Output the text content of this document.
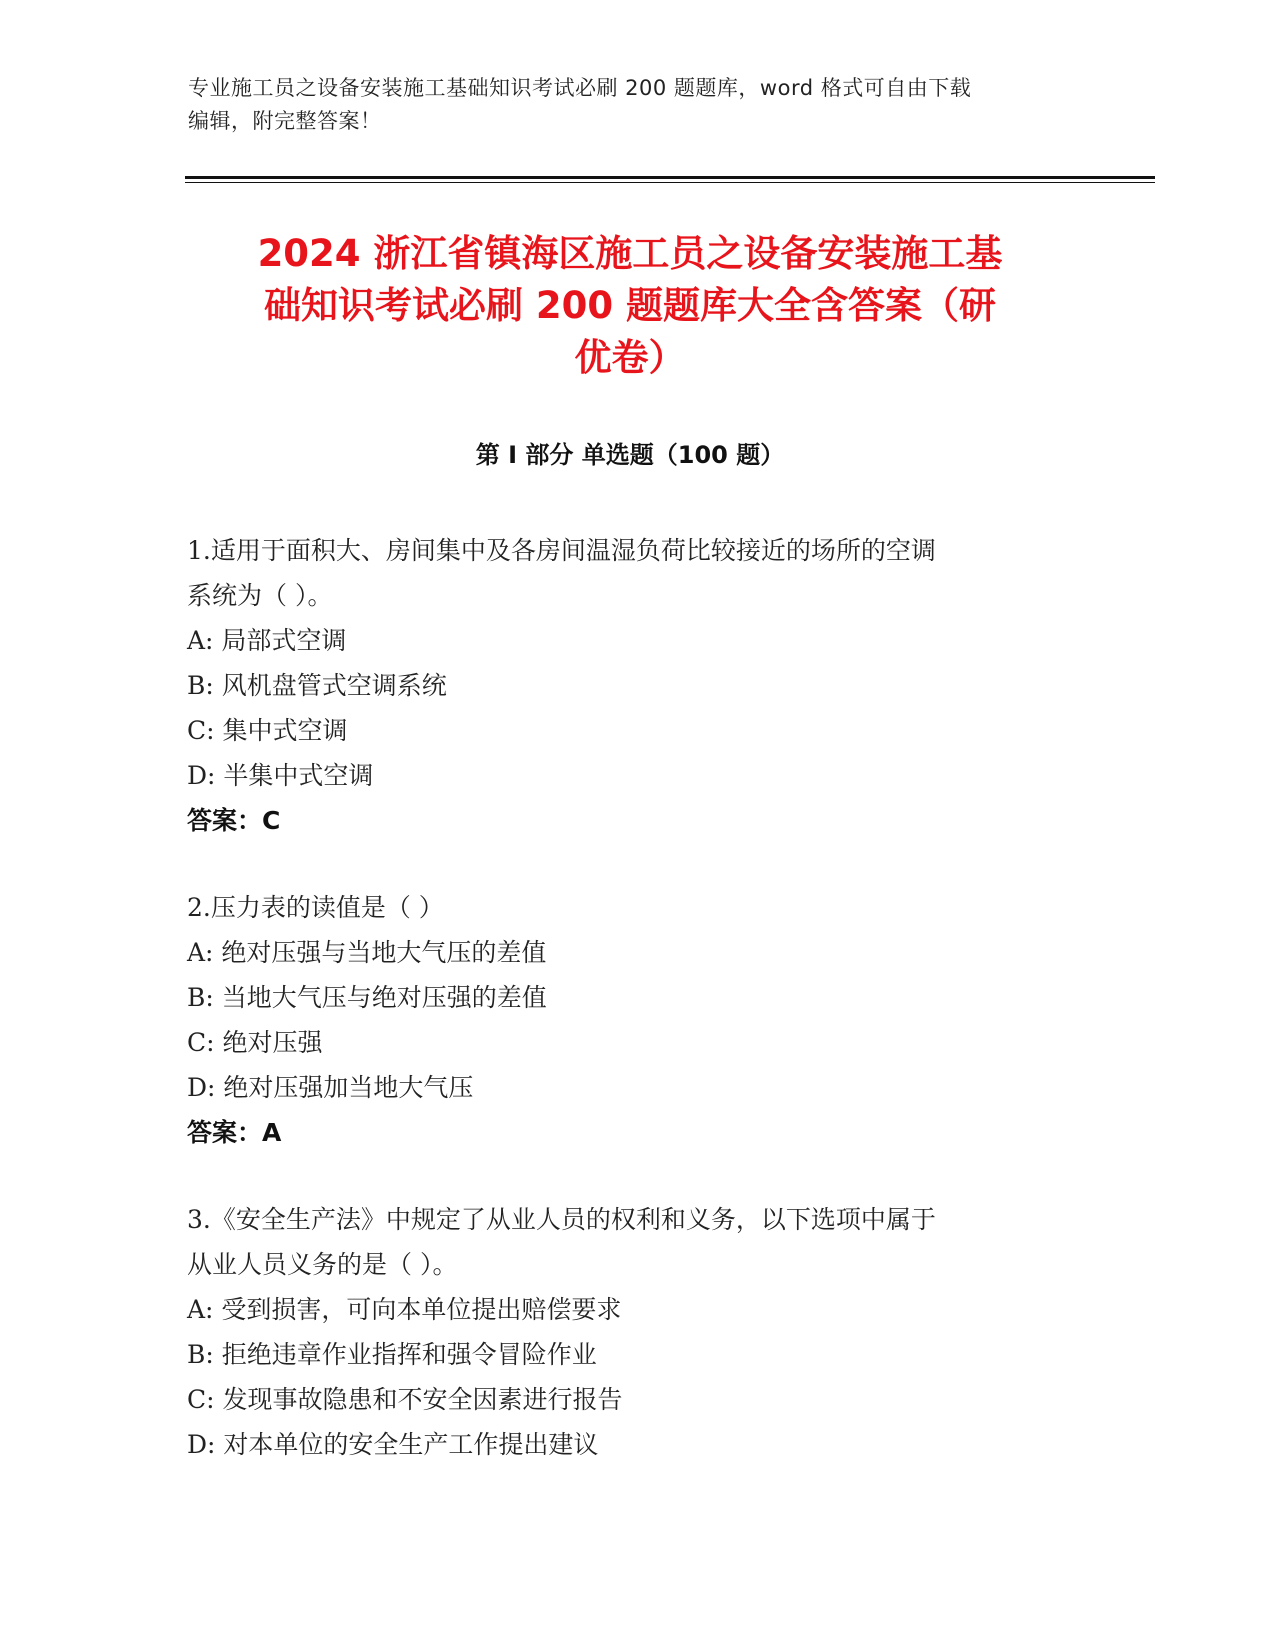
专业施工员之设备安装施工基础知识考试必刷 200 题题库，word 格式可自由下载
编辑，附完整答案！
2024 浙江省镇海区施工员之设备安装施工基
础知识考试必刷 200 题题库大全含答案（研
优卷）
第 I 部分 单选题（100 题）
1.适用于面积大、房间集中及各房间温湿负荷比较接近的场所的空调
系统为（ ）。
A: 局部式空调
B: 风机盘管式空调系统
C: 集中式空调
D: 半集中式空调
答案：C
2.压力表的读值是（ ）
A: 绝对压强与当地大气压的差值
B: 当地大气压与绝对压强的差值
C: 绝对压强
D: 绝对压强加当地大气压
答案：A
3.《安全生产法》中规定了从业人员的权利和义务，以下选项中属于
从业人员义务的是（ ）。
A: 受到损害，可向本单位提出赔偿要求
B: 拒绝违章作业指挥和强令冒险作业
C: 发现事故隐患和不安全因素进行报告
D: 对本单位的安全生产工作提出建议
